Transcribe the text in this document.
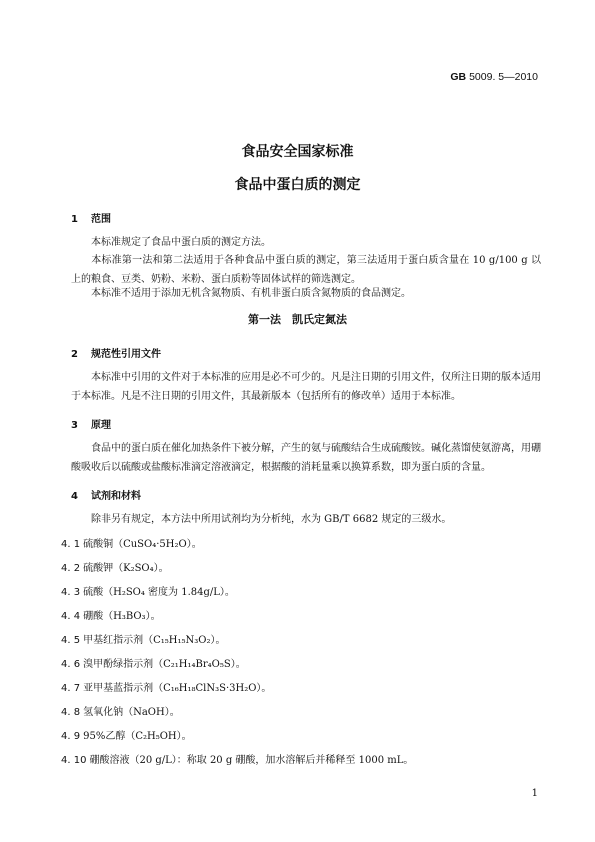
GB 5009. 5—2010
食品安全国家标准
食品中蛋白质的测定
1 范围
本标准规定了食品中蛋白质的测定方法。
本标准第一法和第二法适用于各种食品中蛋白质的测定，第三法适用于蛋白质含量在 10 g/100 g 以上的粮食、豆类、奶粉、米粉、蛋白质粉等固体试样的筛选测定。
本标准不适用于添加无机含氮物质、有机非蛋白质含氮物质的食品测定。
第一法　凯氏定氮法
2 规范性引用文件
本标准中引用的文件对于本标准的应用是必不可少的。凡是注日期的引用文件，仅所注日期的版本适用于本标准。凡是不注日期的引用文件，其最新版本（包括所有的修改单）适用于本标准。
3 原理
食品中的蛋白质在催化加热条件下被分解，产生的氨与硫酸结合生成硫酸铵。碱化蒸馏使氨游离，用硼酸吸收后以硫酸或盐酸标准滴定溶液滴定，根据酸的消耗量乘以换算系数，即为蛋白质的含量。
4 试剂和材料
除非另有规定，本方法中所用试剂均为分析纯，水为 GB/T 6682 规定的三级水。
4. 1 硫酸铜（CuSO₄·5H₂O）。
4. 2 硫酸钾（K₂SO₄）。
4. 3 硫酸（H₂SO₄ 密度为 1.84g/L）。
4. 4 硼酸（H₃BO₃）。
4. 5 甲基红指示剂（C₁₅H₁₅N₃O₂）。
4. 6 溴甲酚绿指示剂（C₂₁H₁₄Br₄O₅S）。
4. 7 亚甲基蓝指示剂（C₁₆H₁₈ClN₃S·3H₂O）。
4. 8 氢氧化钠（NaOH）。
4. 9 95%乙醇（C₂H₅OH）。
4. 10 硼酸溶液（20 g/L）：称取 20 g 硼酸，加水溶解后并稀释至 1000 mL。
1
